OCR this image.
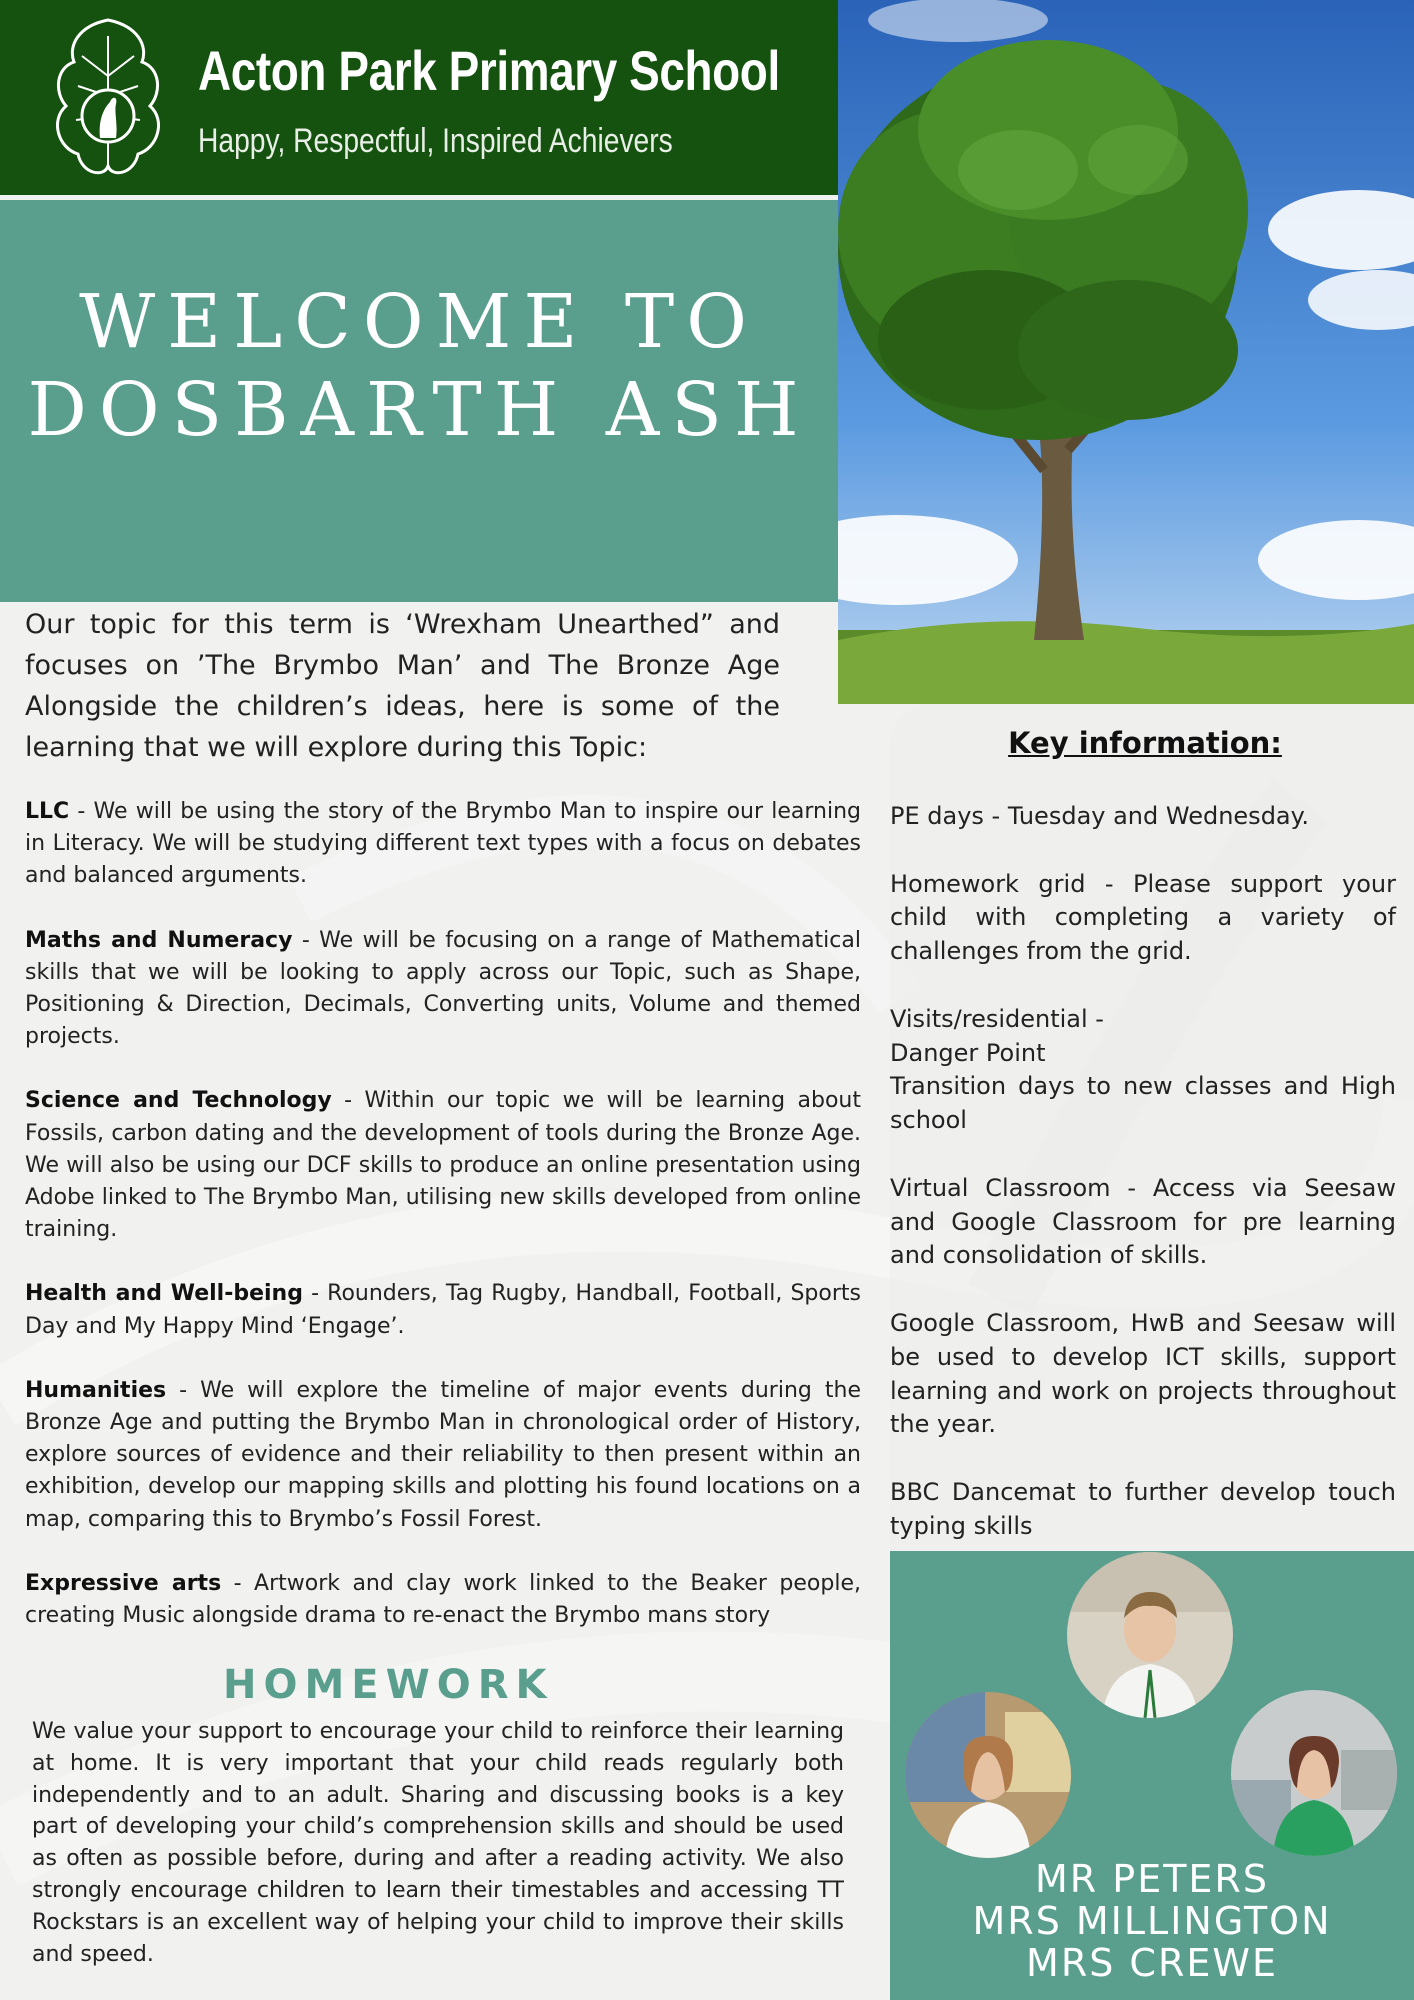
Acton Park Primary School
Happy, Respectful, Inspired Achievers
WELCOME TO DOSBARTH ASH
Our topic for this term is ‘Wrexham Unearthed” and focuses on ’The Brymbo Man’ and The Bronze Age Alongside the children’s ideas, here is some of the learning that we will explore during this Topic:
LLC - We will be using the story of the Brymbo Man to inspire our learning in Literacy. We will be studying different text types with a focus on debates and balanced arguments.
Maths and Numeracy - We will be focusing on a range of Mathematical skills that we will be looking to apply across our Topic, such as Shape, Positioning & Direction, Decimals, Converting units, Volume and themed projects.
Science and Technology - Within our topic we will be learning about Fossils, carbon dating and the development of tools during the Bronze Age. We will also be using our DCF skills to produce an online presentation using Adobe linked to The Brymbo Man, utilising new skills developed from online training.
Health and Well-being - Rounders, Tag Rugby, Handball, Football, Sports Day and My Happy Mind ‘Engage’.
Humanities - We will explore the timeline of major events during the Bronze Age and putting the Brymbo Man in chronological order of History, explore sources of evidence and their reliability to then present within an exhibition, develop our mapping skills and plotting his found locations on a map, comparing this to Brymbo’s Fossil Forest.
Expressive arts - Artwork and clay work linked to the Beaker people, creating Music alongside drama to re-enact the Brymbo mans story
HOMEWORK
We value your support to encourage your child to reinforce their learning at home. It is very important that your child reads regularly both independently and to an adult. Sharing and discussing books is a key part of developing your child’s comprehension skills and should be used as often as possible before, during and after a reading activity. We also strongly encourage children to learn their timestables and accessing TT Rockstars is an excellent way of helping your child to improve their skills and speed.
Key information:

PE days - Tuesday and Wednesday.

Homework grid - Please support your child with completing a variety of challenges from the grid.

Visits/residential -
Danger Point
Transition days to new classes and High school

Virtual Classroom - Access via Seesaw and Google Classroom for pre learning and consolidation of skills.

Google Classroom, HwB and Seesaw will be used to develop ICT skills, support learning and work on projects throughout the year.

BBC Dancemat to further develop touch typing skills

MR PETERS
MRS MILLINGTON
MRS CREWE
